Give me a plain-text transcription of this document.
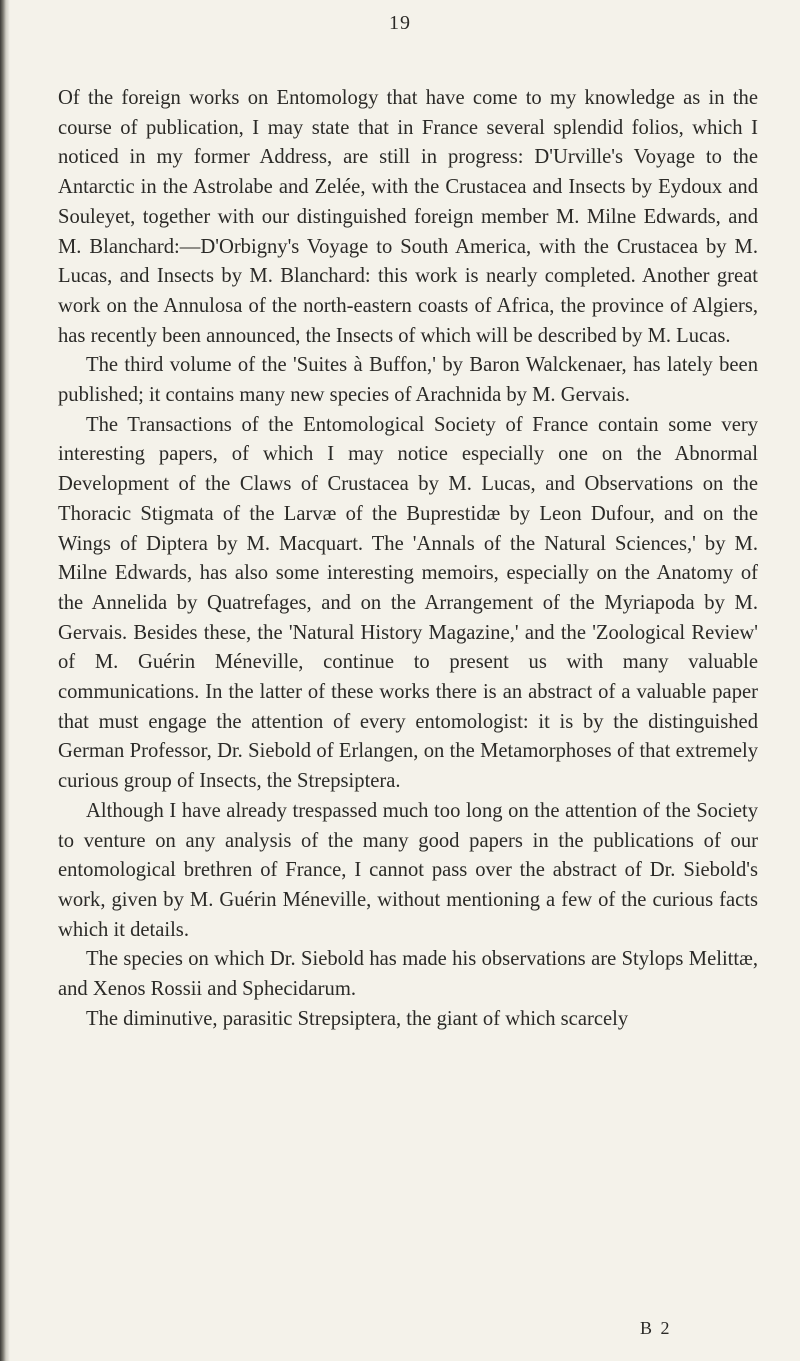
19

Of the foreign works on Entomology that have come to my knowledge as in the course of publication, I may state that in France several splendid folios, which I noticed in my former Address, are still in progress: D'Urville's Voyage to the Antarctic in the Astrolabe and Zelée, with the Crustacea and Insects by Eydoux and Souleyet, together with our distinguished foreign member M. Milne Edwards, and M. Blanchard:—D'Orbigny's Voyage to South America, with the Crustacea by M. Lucas, and Insects by M. Blanchard: this work is nearly completed. Another great work on the Annulosa of the north-eastern coasts of Africa, the province of Algiers, has recently been announced, the Insects of which will be described by M. Lucas.

The third volume of the 'Suites à Buffon,' by Baron Walckenaer, has lately been published; it contains many new species of Arachnida by M. Gervais.

The Transactions of the Entomological Society of France contain some very interesting papers, of which I may notice especially one on the Abnormal Development of the Claws of Crustacea by M. Lucas, and Observations on the Thoracic Stigmata of the Larvæ of the Buprestidæ by Leon Dufour, and on the Wings of Diptera by M. Macquart. The 'Annals of the Natural Sciences,' by M. Milne Edwards, has also some interesting memoirs, especially on the Anatomy of the Annelida by Quatrefages, and on the Arrangement of the Myriapoda by M. Gervais. Besides these, the 'Natural History Magazine,' and the 'Zoological Review' of M. Guérin Méneville, continue to present us with many valuable communications. In the latter of these works there is an abstract of a valuable paper that must engage the attention of every entomologist: it is by the distinguished German Professor, Dr. Siebold of Erlangen, on the Metamorphoses of that extremely curious group of Insects, the Strepsiptera.

Although I have already trespassed much too long on the attention of the Society to venture on any analysis of the many good papers in the publications of our entomological brethren of France, I cannot pass over the abstract of Dr. Siebold's work, given by M. Guérin Méneville, without mentioning a few of the curious facts which it details.

The species on which Dr. Siebold has made his observations are Stylops Melittæ, and Xenos Rossii and Sphecidarum.

The diminutive, parasitic Strepsiptera, the giant of which scarcely

B 2
